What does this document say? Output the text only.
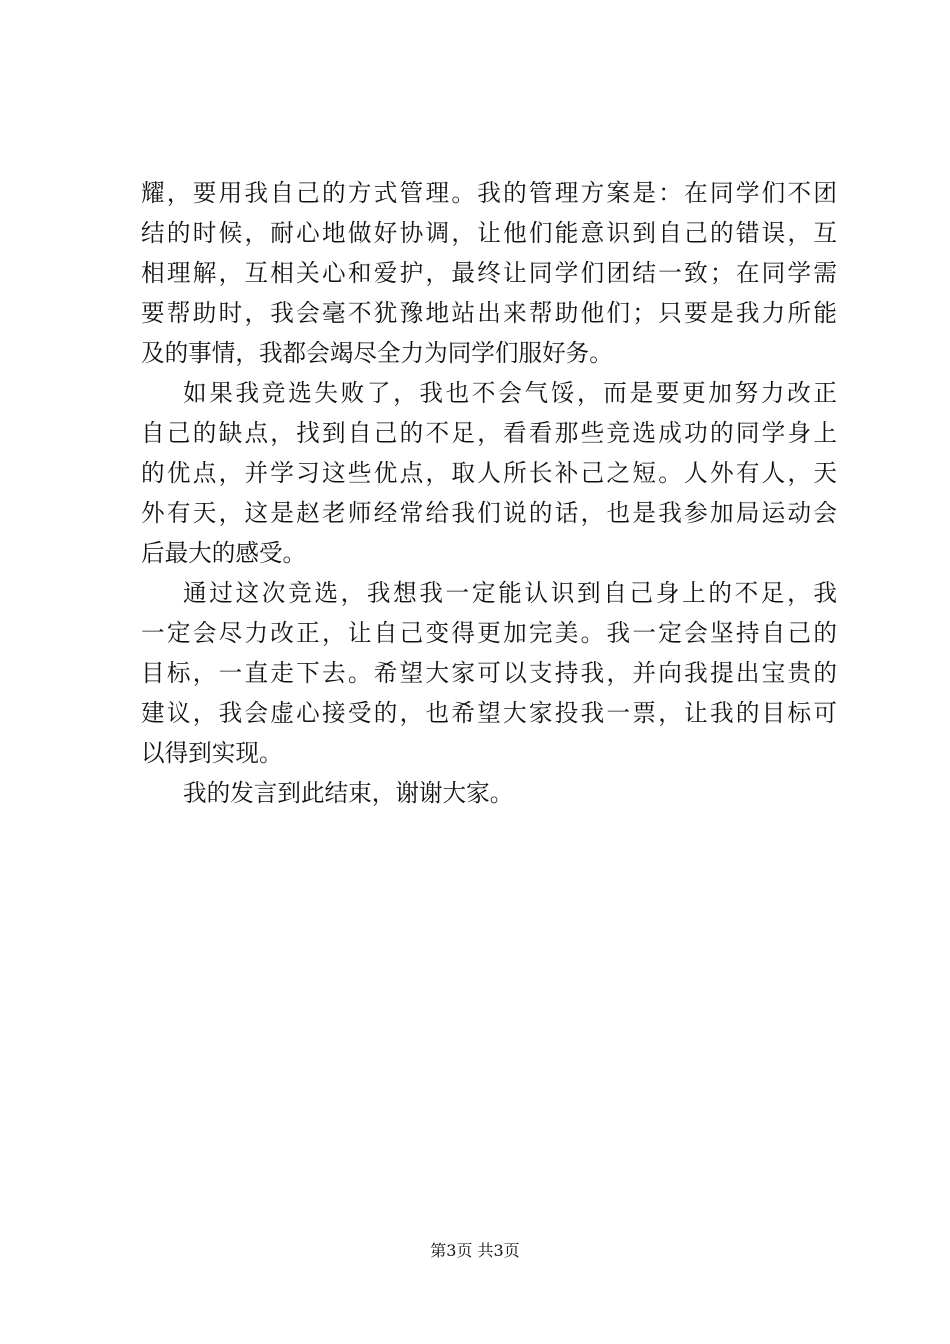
耀，要用我自己的方式管理。我的管理方案是：在同学们不团
结的时候，耐心地做好协调，让他们能意识到自己的错误，互
相理解，互相关心和爱护，最终让同学们团结一致；在同学需
要帮助时，我会毫不犹豫地站出来帮助他们；只要是我力所能
及的事情，我都会竭尽全力为同学们服好务。
如果我竞选失败了，我也不会气馁，而是要更加努力改正
自己的缺点，找到自己的不足，看看那些竞选成功的同学身上
的优点，并学习这些优点，取人所长补己之短。人外有人，天
外有天，这是赵老师经常给我们说的话，也是我参加局运动会
后最大的感受。
通过这次竞选，我想我一定能认识到自己身上的不足，我
一定会尽力改正，让自己变得更加完美。我一定会坚持自己的
目标，一直走下去。希望大家可以支持我，并向我提出宝贵的
建议，我会虚心接受的，也希望大家投我一票，让我的目标可
以得到实现。
我的发言到此结束，谢谢大家。
第3页 共3页
